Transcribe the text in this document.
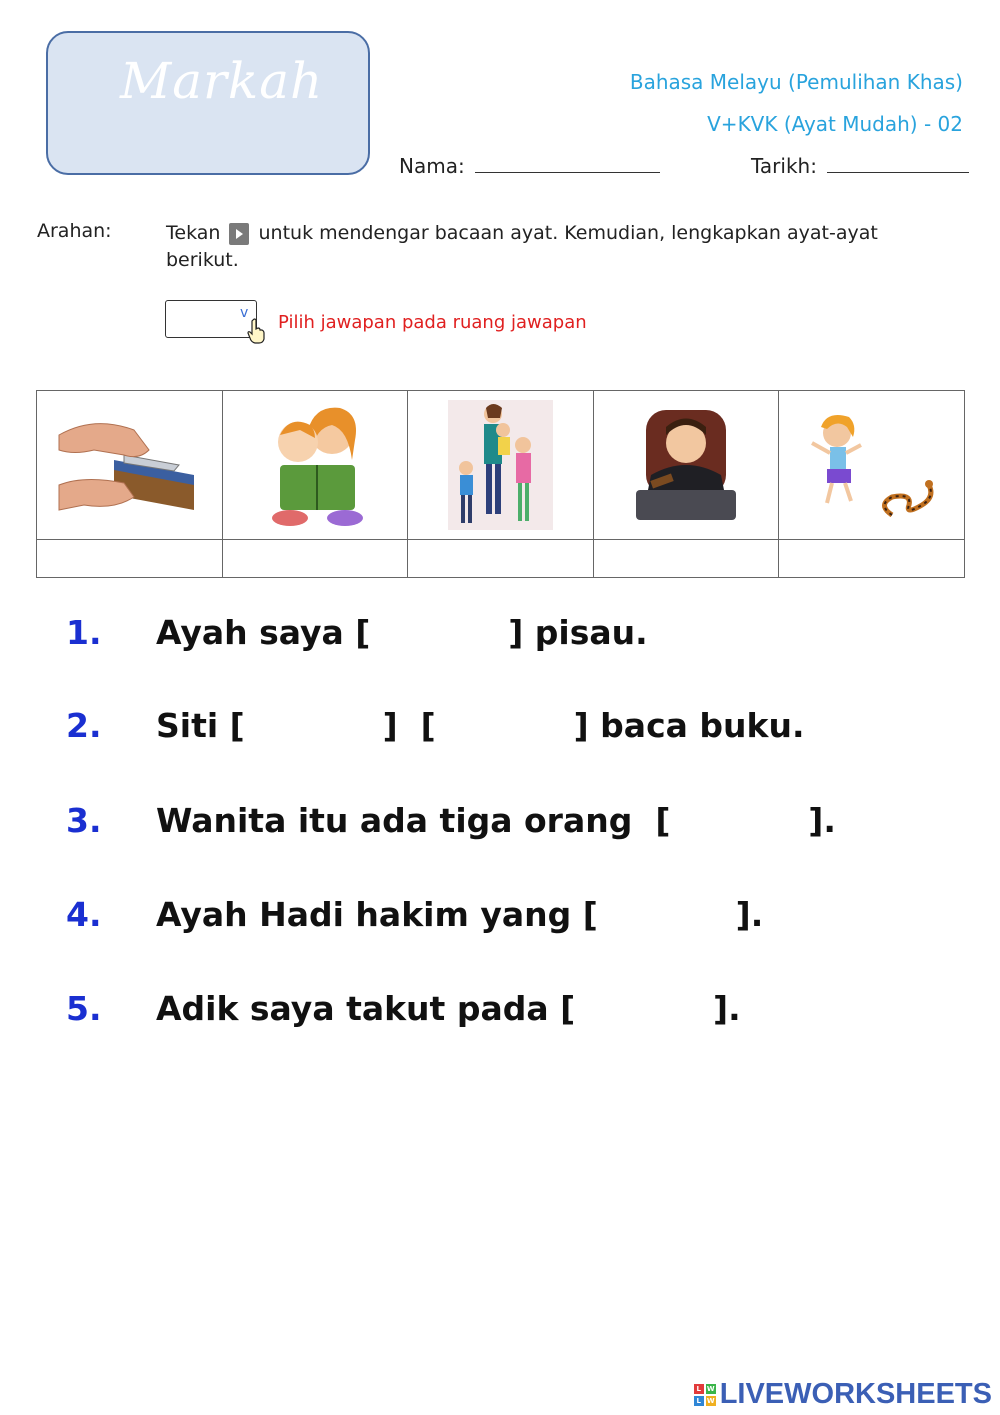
Markah	Bahasa Melayu (Pemulihan Khas)
V+KVK (Ayat Mudah) - 02
Nama:	Tarikh:
Arahan:	Tekan untuk mendengar bacaan ayat. Kemudian, lengkapkan ayat-ayat berikut.
v Pilih jawapan pada ruang jawapan

1. Ayah saya [            ] pisau.
2. Siti [            ]  [            ] baca buku.
3. Wanita itu ada tiga orang  [            ].
4. Ayah Hadi hakim yang [            ].
5. Adik saya takut pada [            ].
L W
L W LIVEWORKSHEETS
